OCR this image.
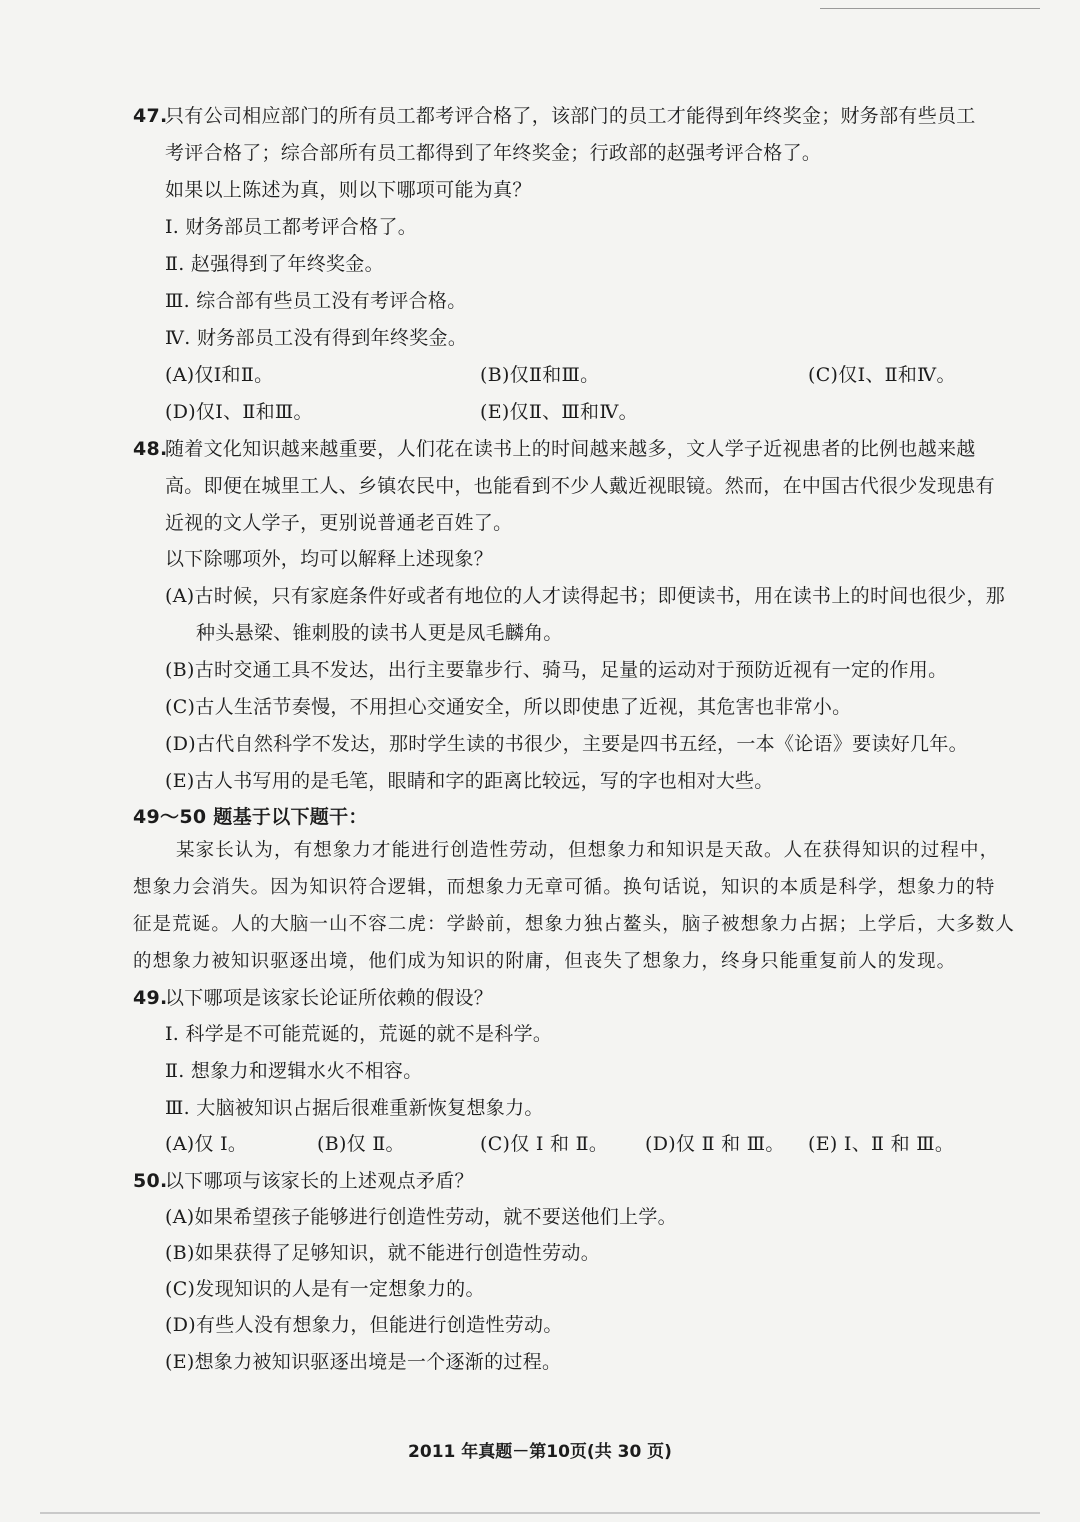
47.
只有公司相应部门的所有员工都考评合格了，该部门的员工才能得到年终奖金；财务部有些员工
考评合格了；综合部所有员工都得到了年终奖金；行政部的赵强考评合格了。
如果以上陈述为真，则以下哪项可能为真？
Ⅰ. 财务部员工都考评合格了。
Ⅱ. 赵强得到了年终奖金。
Ⅲ. 综合部有些员工没有考评合格。
Ⅳ. 财务部员工没有得到年终奖金。
(A)仅Ⅰ和Ⅱ。	(B)仅Ⅱ和Ⅲ。	(C)仅Ⅰ、Ⅱ和Ⅳ。
(D)仅Ⅰ、Ⅱ和Ⅲ。	(E)仅Ⅱ、Ⅲ和Ⅳ。
48.
随着文化知识越来越重要，人们花在读书上的时间越来越多，文人学子近视患者的比例也越来越
高。即便在城里工人、乡镇农民中，也能看到不少人戴近视眼镜。然而，在中国古代很少发现患有
近视的文人学子，更别说普通老百姓了。
以下除哪项外，均可以解释上述现象？
(A)古时候，只有家庭条件好或者有地位的人才读得起书；即便读书，用在读书上的时间也很少，那
种头悬梁、锥刺股的读书人更是凤毛麟角。
(B)古时交通工具不发达，出行主要靠步行、骑马，足量的运动对于预防近视有一定的作用。
(C)古人生活节奏慢，不用担心交通安全，所以即使患了近视，其危害也非常小。
(D)古代自然科学不发达，那时学生读的书很少，主要是四书五经，一本《论语》要读好几年。
(E)古人书写用的是毛笔，眼睛和字的距离比较远，写的字也相对大些。
49～50 题基于以下题干：
某家长认为，有想象力才能进行创造性劳动，但想象力和知识是天敌。人在获得知识的过程中，
想象力会消失。因为知识符合逻辑，而想象力无章可循。换句话说，知识的本质是科学，想象力的特
征是荒诞。人的大脑一山不容二虎：学龄前，想象力独占鳌头，脑子被想象力占据；上学后，大多数人
的想象力被知识驱逐出境，他们成为知识的附庸，但丧失了想象力，终身只能重复前人的发现。
49.
以下哪项是该家长论证所依赖的假设？
Ⅰ. 科学是不可能荒诞的，荒诞的就不是科学。
Ⅱ. 想象力和逻辑水火不相容。
Ⅲ. 大脑被知识占据后很难重新恢复想象力。
(A)仅 Ⅰ。	(B)仅 Ⅱ。	(C)仅 Ⅰ 和 Ⅱ。 (D)仅 Ⅱ 和 Ⅲ。 (E) Ⅰ、Ⅱ 和 Ⅲ。
50.
以下哪项与该家长的上述观点矛盾？
(A)如果希望孩子能够进行创造性劳动，就不要送他们上学。
(B)如果获得了足够知识，就不能进行创造性劳动。
(C)发现知识的人是有一定想象力的。
(D)有些人没有想象力，但能进行创造性劳动。
(E)想象力被知识驱逐出境是一个逐渐的过程。
2011 年真题－第10页(共 30 页)
